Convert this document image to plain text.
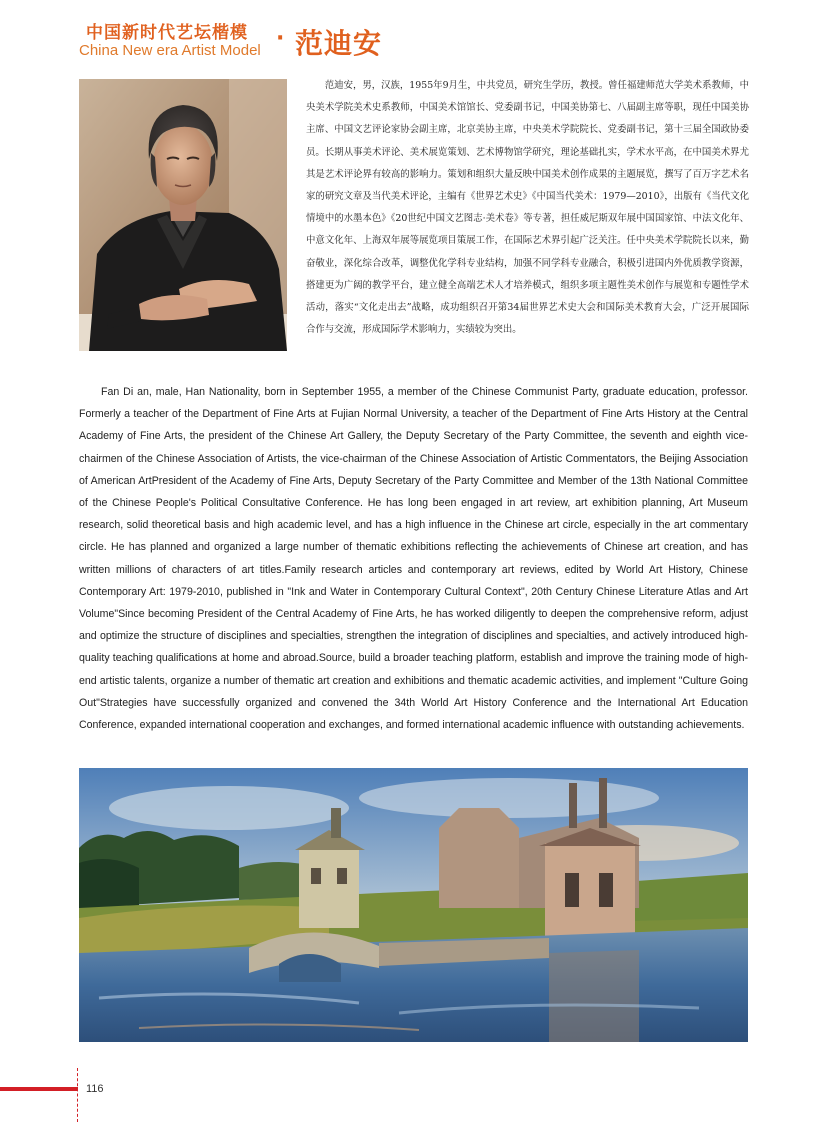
中国新时代艺坛楷模
China New era Artist Model · 范迪安

范迪安，男，汉族，1955年9月生，中共党员，研究生学历，教授。曾任福建师范大学美术系教师，中央美术学院美术史系教师，中国美术馆馆长、党委副书记，中国美协第七、八届副主席等职，现任中国美协主席、中国文艺评论家协会副主席，北京美协主席，中央美术学院院长、党委副书记，第十三届全国政协委员。长期从事美术评论、美术展览策划、艺术博物馆学研究，理论基础扎实，学术水平高，在中国美术界尤其是艺术评论界有较高的影响力。策划和组织大量反映中国美术创作成果的主题展览，撰写了百万字艺术名家的研究文章及当代美术评论，主编有《世界艺术史》《中国当代美术：1979—2010》，出版有《当代文化情境中的水墨本色》《20世纪中国文艺图志·美术卷》等专著，担任威尼斯双年展中国国家馆、中法文化年、中意文化年、上海双年展等展览项目策展工作，在国际艺术界引起广泛关注。任中央美术学院院长以来，勤奋敬业，深化综合改革，调整优化学科专业结构，加强不同学科专业融合，积极引进国内外优质教学资源，搭建更为广阔的教学平台，建立健全高端艺术人才培养模式，组织多项主题性美术创作与展览和专题性学术活动，落实“文化走出去”战略，成功组织召开第34届世界艺术史大会和国际美术教育大会，广泛开展国际合作与交流，形成国际学术影响力，实绩较为突出。

Fan Di an, male, Han Nationality, born in September 1955, a member of the Chinese Communist Party, graduate education, professor. Formerly a teacher of the Department of Fine Arts at Fujian Normal University, a teacher of the Department of Fine Arts History at the Central Academy of Fine Arts, the president of the Chinese Art Gallery, the Deputy Secretary of the Party Committee, the seventh and eighth vice-chairmen of the Chinese Association of Artists, the vice-chairman of the Chinese Association of Artistic Commentators, the Beijing Association of American ArtPresident of the Academy of Fine Arts, Deputy Secretary of the Party Committee and Member of the 13th National Committee of the Chinese People's Political Consultative Conference. He has long been engaged in art review, art exhibition planning, Art Museum research, solid theoretical basis and high academic level, and has a high influence in the Chinese art circle, especially in the art commentary circle. He has planned and organized a large number of thematic exhibitions reflecting the achievements of Chinese art creation, and has written millions of characters of art titles.Family research articles and contemporary art reviews, edited by World Art History, Chinese Contemporary Art: 1979-2010, published in "Ink and Water in Contemporary Cultural Context", 20th Century Chinese Literature Atlas and Art Volume"Since becoming President of the Central Academy of Fine Arts, he has worked diligently to deepen the comprehensive reform, adjust and optimize the structure of disciplines and specialties, strengthen the integration of disciplines and specialties, and actively introduced high-quality teaching qualifications at home and abroad.Source, build a broader teaching platform, establish and improve the training mode of high-end artistic talents, organize a number of thematic art creation and exhibitions and thematic academic activities, and implement "Culture Going Out"Strategies have successfully organized and convened the 34th World Art History Conference and the International Art Education Conference, expanded international cooperation and exchanges, and formed international academic influence with outstanding achievements.

116
